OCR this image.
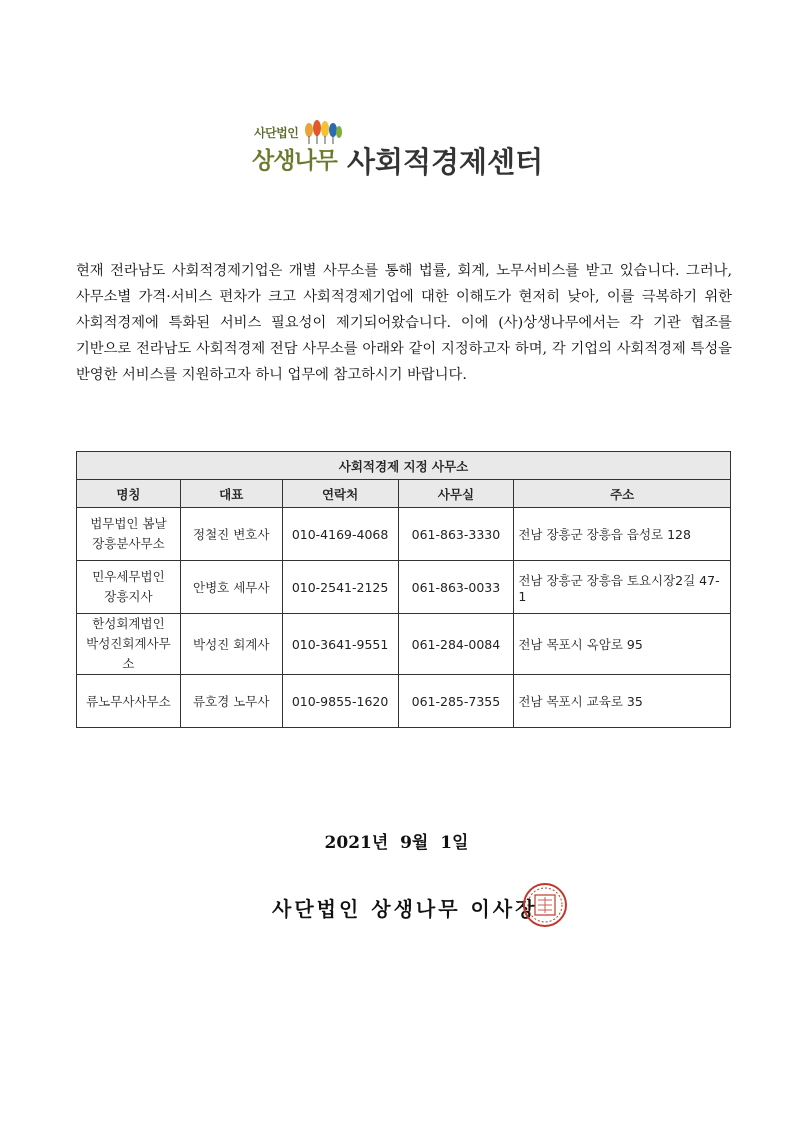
사단법인
상생나무 사회적경제센터
현재 전라남도 사회적경제기업은 개별 사무소를 통해 법률, 회계, 노무서비스를 받고 있습니다. 그러나, 사무소별 가격·서비스 편차가 크고 사회적경제기업에 대한 이해도가 현저히 낮아, 이를 극복하기 위한 사회적경제에 특화된 서비스 필요성이 제기되어왔습니다. 이에 (사)상생나무에서는 각 기관 협조를 기반으로 전라남도 사회적경제 전담 사무소를 아래와 같이 지정하고자 하며, 각 기업의 사회적경제 특성을 반영한 서비스를 지원하고자 하니 업무에 참고하시기 바랍니다.
사회적경제 지정 사무소				
명칭	대표	연락처	사무실	주소

법무법인 봄날
장흥분사무소	정철진 변호사	010-4169-4068	061-863-3330	전남 장흥군 장흥읍 읍성로 128

민우세무법인
장흥지사	안병호 세무사	010-2541-2125	061-863-0033	전남 장흥군 장흥읍 토요시장2길 47-1

한성회계법인
박성진회계사무소	박성진 회계사	010-3641-9551	061-284-0084	전남 목포시 옥암로 95
류노무사사무소	류호경 노무사	010-9855-1620	061-285-7355	전남 목포시 교육로 35
2021년  9월  1일
사단법인 상생나무 이사장
